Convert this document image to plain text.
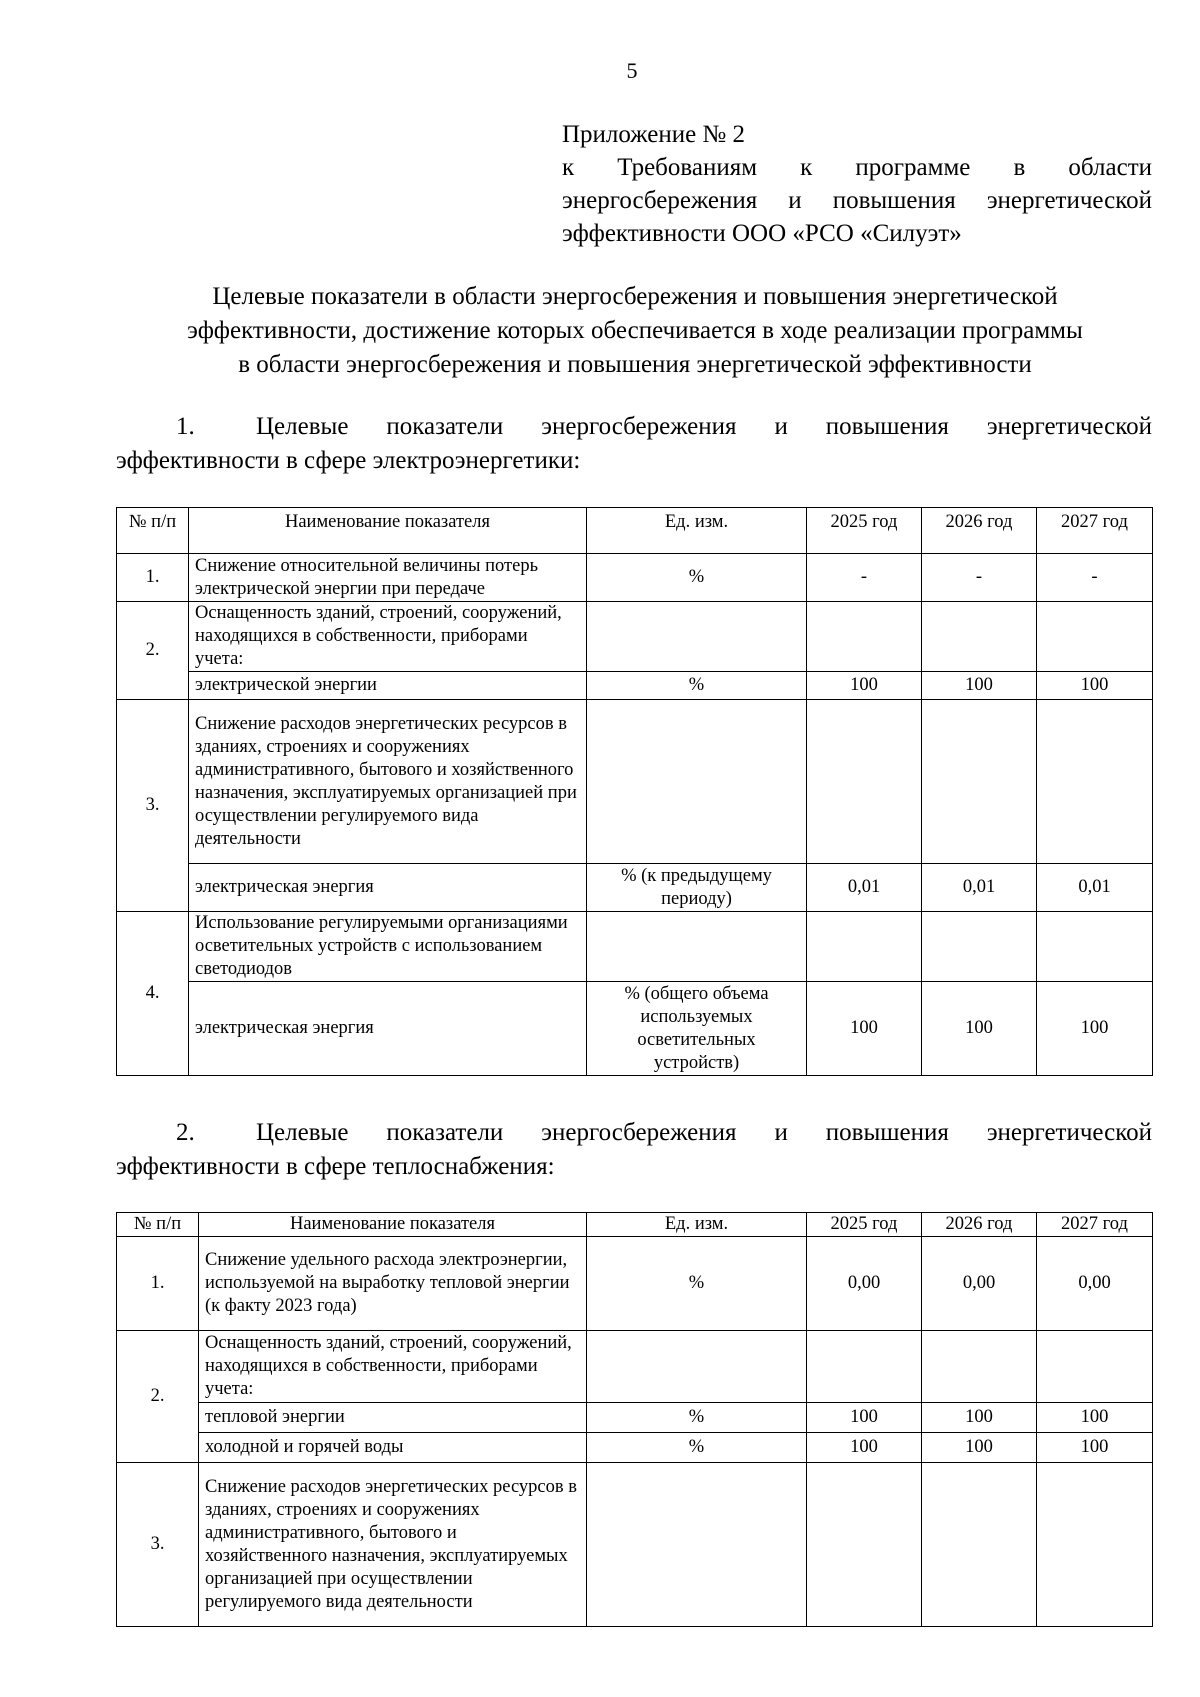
5
Приложение № 2
к Требованиям к программе в области
энергосбережения и повышения энергетической
эффективности ООО «РСО «Силуэт»
Целевые показатели в области энергосбережения и повышения энергетической
эффективности, достижение которых обеспечивается в ходе реализации программы
в области энергосбережения и повышения энергетической эффективности
1. Целевые показатели энергосбережения и повышения энергетической
эффективности в сфере электроэнергетики:
№ п/п	Наименование показателя	Ед. изм.	2025 год	2026 год	2027 год
1.	Снижение относительной величины потерь электрической энергии при передаче	%	-	-	-
2.	Оснащенность зданий, строений, сооружений, находящихся в собственности, приборами учета:				
	электрической энергии	%	100	100	100
3.	Снижение расходов энергетических ресурсов в зданиях, строениях и сооружениях административного, бытового и хозяйственного назначения, эксплуатируемых организацией при осуществлении регулируемого вида деятельности				
	электрическая энергия	% (к предыдущему периоду)	0,01	0,01	0,01
4.	Использование регулируемыми организациями осветительных устройств с использованием светодиодов				
	электрическая энергия	% (общего объема используемых осветительных устройств)	100	100	100
2. Целевые показатели энергосбережения и повышения энергетической
эффективности в сфере теплоснабжения:
№ п/п	Наименование показателя	Ед. изм.	2025 год	2026 год	2027 год
1.	Снижение удельного расхода электроэнергии, используемой на выработку тепловой энергии (к факту 2023 года)	%	0,00	0,00	0,00
2.	Оснащенность зданий, строений, сооружений, находящихся в собственности, приборами учета:				
	тепловой энергии	%	100	100	100
	холодной и горячей воды	%	100	100	100
3.	Снижение расходов энергетических ресурсов в зданиях, строениях и сооружениях административного, бытового и хозяйственного назначения, эксплуатируемых организацией при осуществлении регулируемого вида деятельности				
